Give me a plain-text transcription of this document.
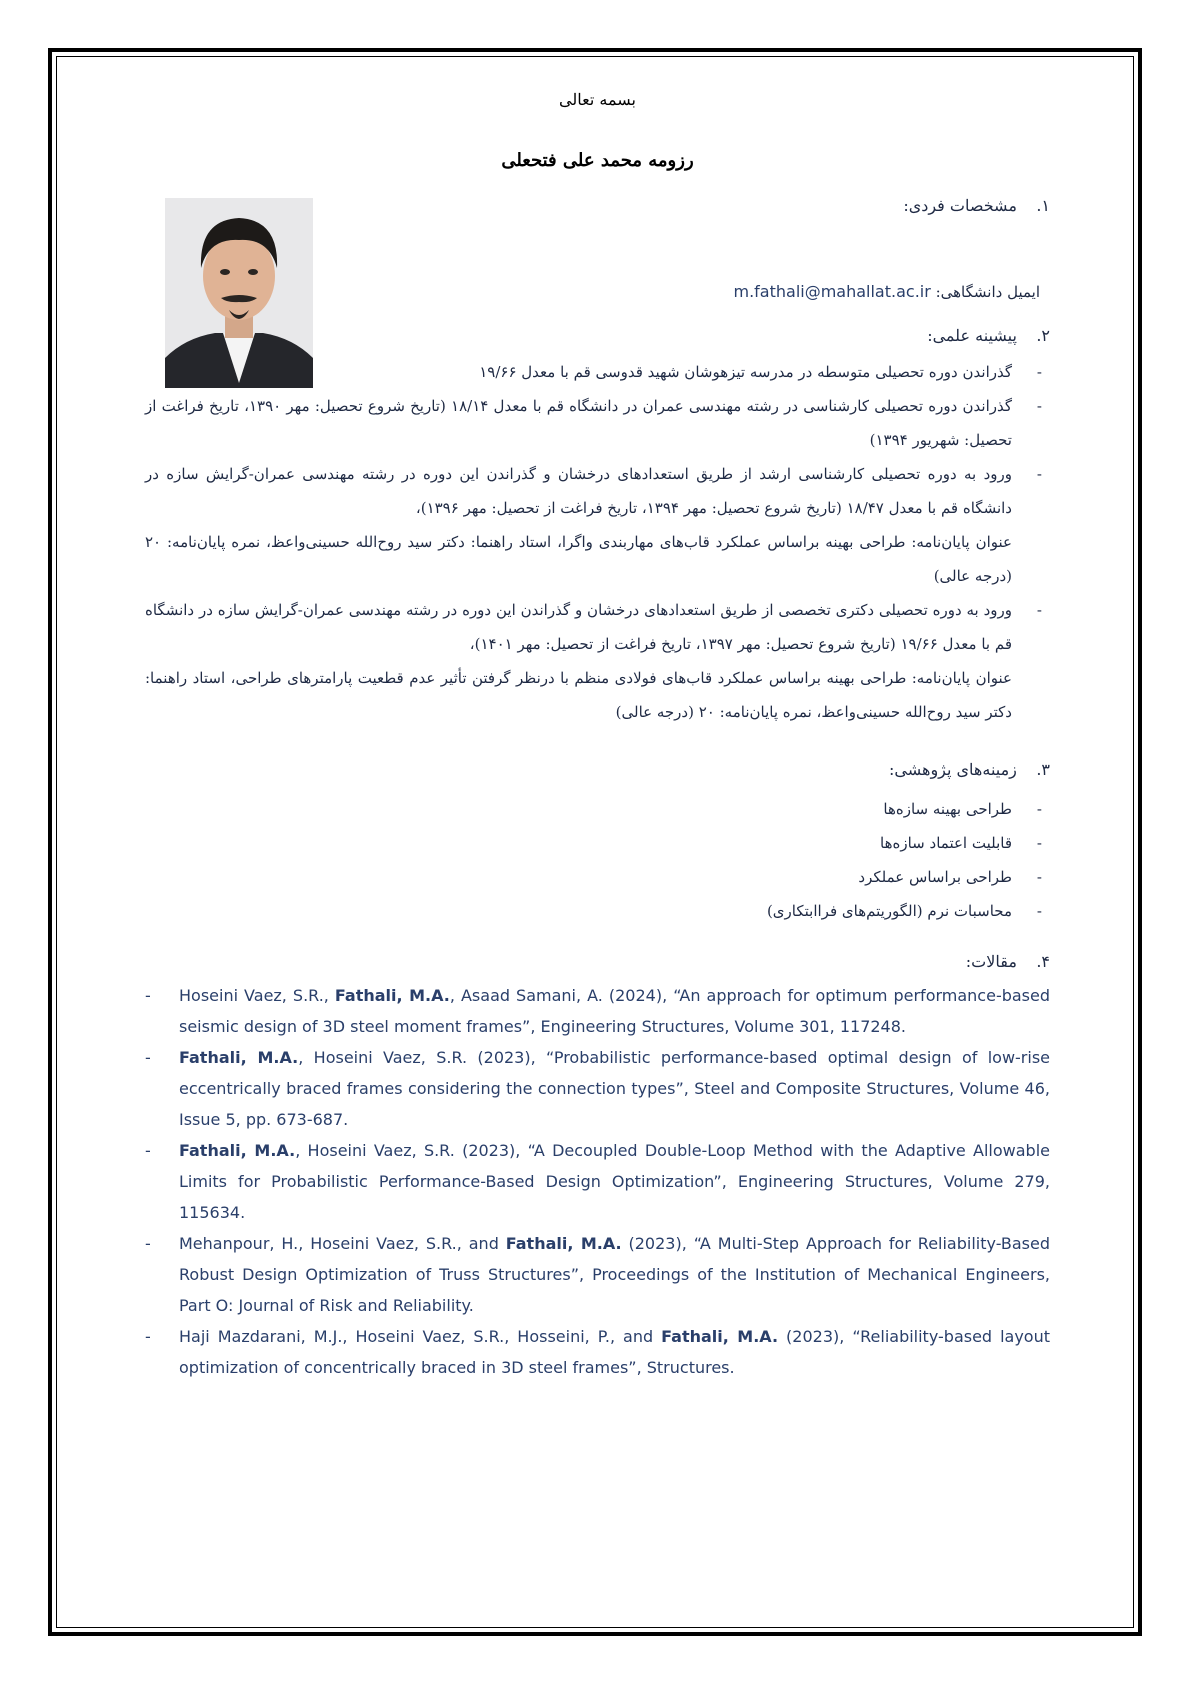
بسمه تعالی
رزومه محمد علی فتحعلی
۱. مشخصات فردی:
ایمیل دانشگاهی: m.fathali@mahallat.ac.ir
۲. پیشینه علمی:
-
گذراندن دوره تحصیلی متوسطه در مدرسه تیزهوشان شهید قدوسی قم با معدل ۱۹/۶۶
-
گذراندن دوره تحصیلی کارشناسی در رشته مهندسی عمران در دانشگاه قم با معدل ۱۸/۱۴ (تاریخ شروع تحصیل: مهر ۱۳۹۰، تاریخ فراغت از تحصیل: شهریور ۱۳۹۴)
-
ورود به دوره تحصیلی کارشناسی ارشد از طریق استعدادهای درخشان و گذراندن این دوره در رشته مهندسی عمران-گرایش سازه در دانشگاه قم با معدل ۱۸/۴۷ (تاریخ شروع تحصیل: مهر ۱۳۹۴، تاریخ فراغت از تحصیل: مهر ۱۳۹۶)،
عنوان پایان‌نامه: طراحی بهینه براساس عملکرد قاب‌های مهاربندی واگرا، استاد راهنما: دکتر سید روح‌الله حسینی‌واعظ، نمره پایان‌نامه: ۲۰ (درجه عالی)
-
ورود به دوره تحصیلی دکتری تخصصی از طریق استعدادهای درخشان و گذراندن این دوره در رشته مهندسی عمران-گرایش سازه در دانشگاه قم با معدل ۱۹/۶۶ (تاریخ شروع تحصیل: مهر ۱۳۹۷، تاریخ فراغت از تحصیل: مهر ۱۴۰۱)،
عنوان پایان‌نامه: طراحی بهینه براساس عملکرد قاب‌های فولادی منظم با درنظر گرفتن تأثیر عدم قطعیت پارامترهای طراحی، استاد راهنما: دکتر سید روح‌الله حسینی‌واعظ، نمره پایان‌نامه: ۲۰ (درجه عالی)
۳. زمینه‌های پژوهشی:
-
طراحی بهینه سازه‌ها
-
قابلیت اعتماد سازه‌ها
-
طراحی براساس عملکرد
-
محاسبات نرم (الگوریتم‌های فراابتکاری)
۴. مقالات:
- Hoseini Vaez, S.R., Fathali, M.A., Asaad Samani, A. (2024), “An approach for optimum performance-based seismic design of 3D steel moment frames”, Engineering Structures, Volume 301, 117248.
- Fathali, M.A., Hoseini Vaez, S.R. (2023), “Probabilistic performance-based optimal design of low-rise eccentrically braced frames considering the connection types”, Steel and Composite Structures, Volume 46, Issue 5, pp. 673-687.
- Fathali, M.A., Hoseini Vaez, S.R. (2023), “A Decoupled Double-Loop Method with the Adaptive Allowable Limits for Probabilistic Performance-Based Design Optimization”, Engineering Structures, Volume 279, 115634.
- Mehanpour, H., Hoseini Vaez, S.R., and Fathali, M.A. (2023), “A Multi-Step Approach for Reliability-Based Robust Design Optimization of Truss Structures”, Proceedings of the Institution of Mechanical Engineers, Part O: Journal of Risk and Reliability.
- Haji Mazdarani, M.J., Hoseini Vaez, S.R., Hosseini, P., and Fathali, M.A. (2023), “Reliability-based layout optimization of concentrically braced in 3D steel frames”, Structures.
